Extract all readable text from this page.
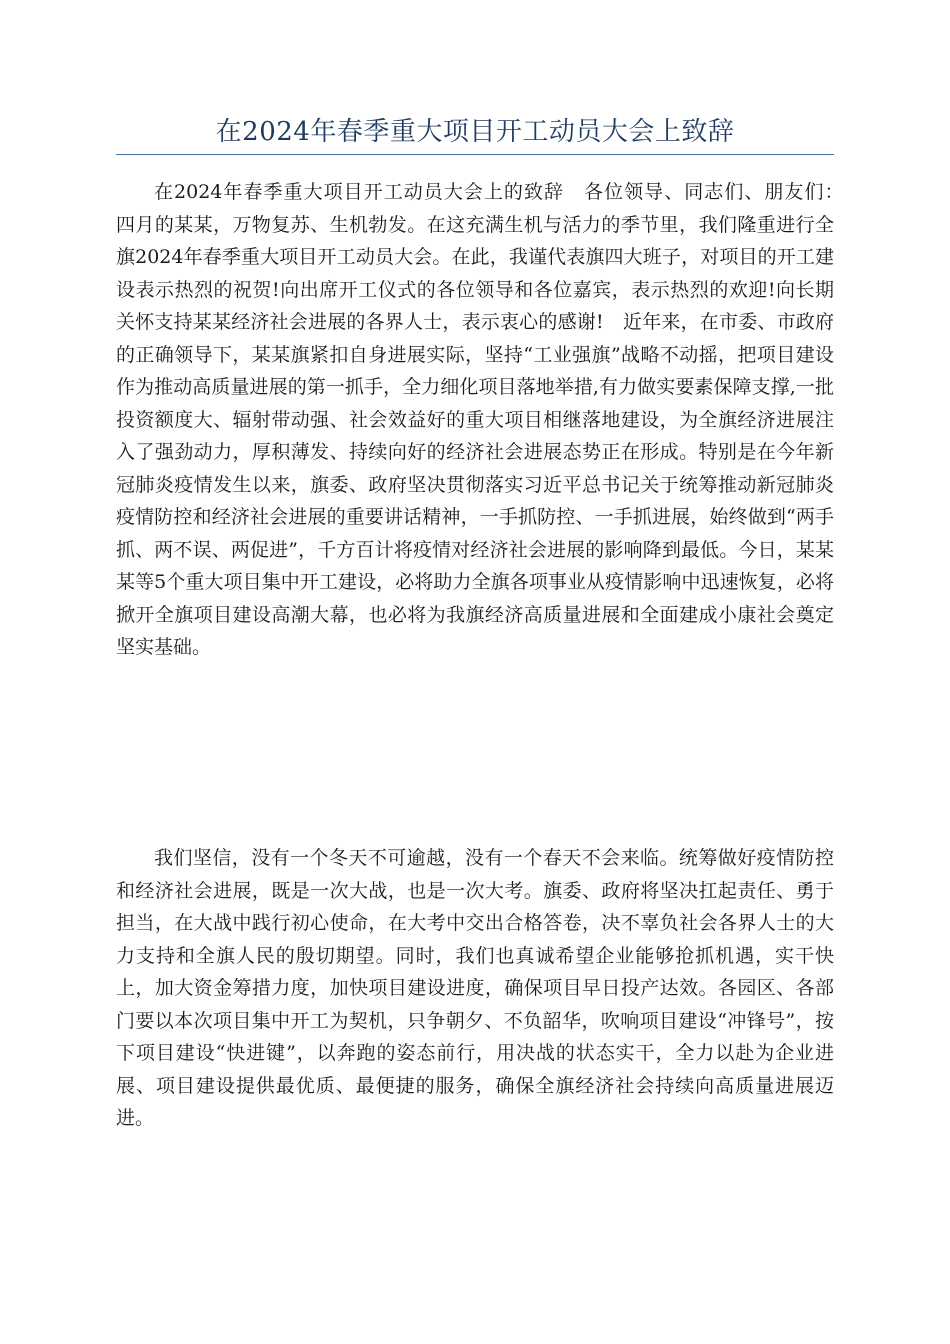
在2024年春季重大项目开工动员大会上致辞

在2024年春季重大项目开工动员大会上的致辞　各位领导、同志们、朋友们：　四月的某某，万物复苏、生机勃发。在这充满生机与活力的季节里，我们隆重进行全旗2024年春季重大项目开工动员大会。在此，我谨代表旗四大班子，对项目的开工建设表示热烈的祝贺!向出席开工仪式的各位领导和各位嘉宾，表示热烈的欢迎!向长期关怀支持某某经济社会进展的各界人士，表示衷心的感谢!　近年来，在市委、市政府的正确领导下，某某旗紧扣自身进展实际，坚持“工业强旗”战略不动摇，把项目建设作为推动高质量进展的第一抓手，全力细化项目落地举措,有力做实要素保障支撑,一批投资额度大、辐射带动强、社会效益好的重大项目相继落地建设，为全旗经济进展注入了强劲动力，厚积薄发、持续向好的经济社会进展态势正在形成。特别是在今年新冠肺炎疫情发生以来，旗委、政府坚决贯彻落实习近平总书记关于统筹推动新冠肺炎疫情防控和经济社会进展的重要讲话精神，一手抓防控、一手抓进展，始终做到“两手抓、两不误、两促进”，千方百计将疫情对经济社会进展的影响降到最低。今日，某某某等5个重大项目集中开工建设，必将助力全旗各项事业从疫情影响中迅速恢复，必将掀开全旗项目建设高潮大幕，也必将为我旗经济高质量进展和全面建成小康社会奠定坚实基础。

我们坚信，没有一个冬天不可逾越，没有一个春天不会来临。统筹做好疫情防控和经济社会进展，既是一次大战，也是一次大考。旗委、政府将坚决扛起责任、勇于担当，在大战中践行初心使命，在大考中交出合格答卷，决不辜负社会各界人士的大力支持和全旗人民的殷切期望。同时，我们也真诚希望企业能够抢抓机遇，实干快上，加大资金筹措力度，加快项目建设进度，确保项目早日投产达效。各园区、各部门要以本次项目集中开工为契机，只争朝夕、不负韶华，吹响项目建设“冲锋号”，按下项目建设“快进键”，以奔跑的姿态前行，用决战的状态实干，全力以赴为企业进展、项目建设提供最优质、最便捷的服务，确保全旗经济社会持续向高质量进展迈进。
